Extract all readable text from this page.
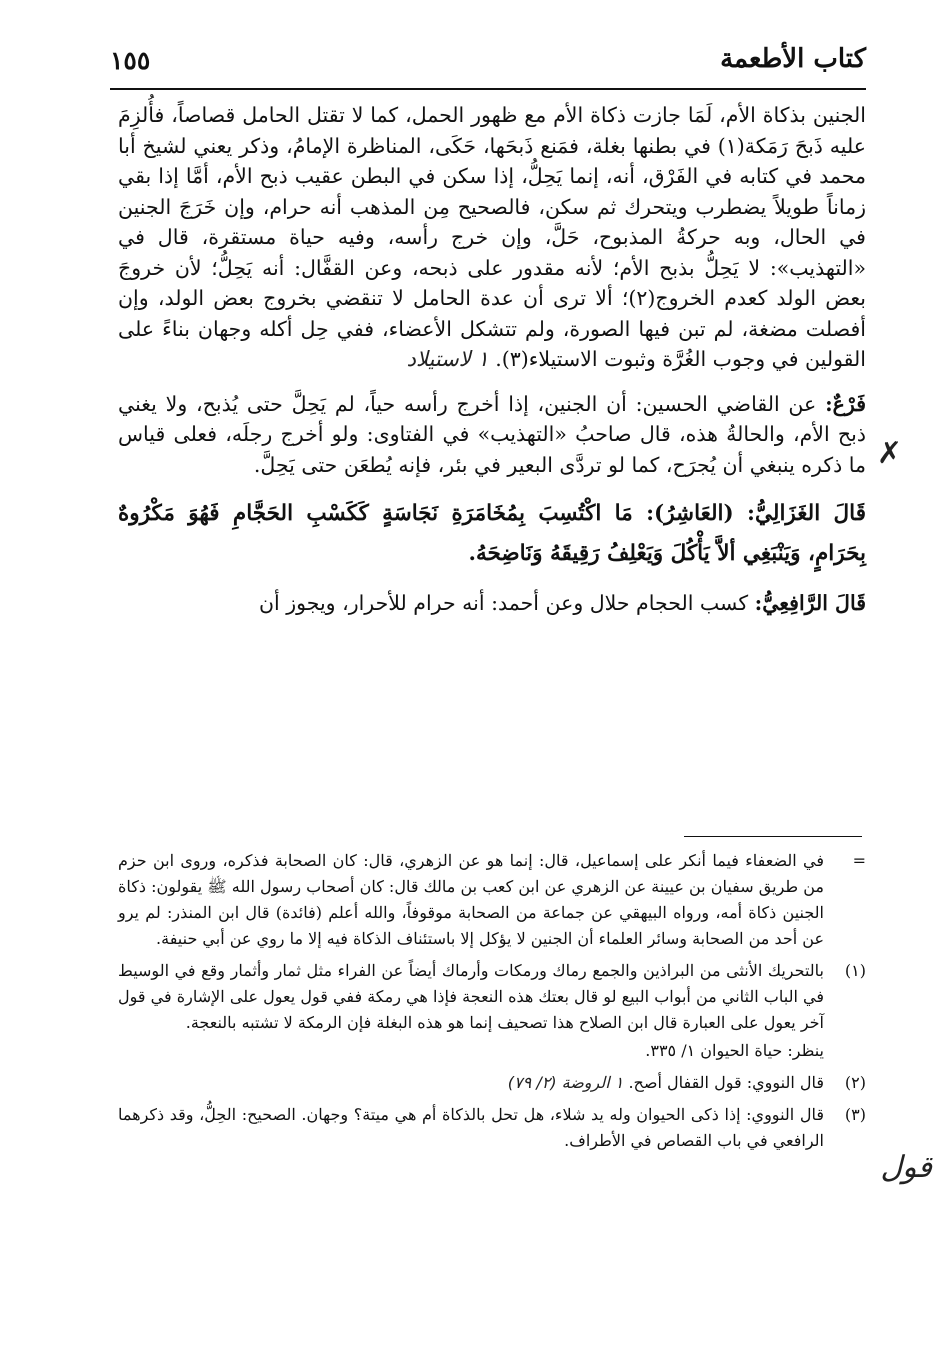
كتاب الأطعمة
١٥٥
✗

الجنين بذكاة الأم، لَمَا جازت ذكاة الأم مع ظهور الحمل، كما لا تقتل الحامل قصاصاً، فأُلزِمَ عليه ذَبحَ رَمَكة(١) في بطنها بغلة، فمَنع ذَبحَها، حَكَى، المناظرة الإمامُ، وذكر يعني لشيخ أبا محمد في كتابه في الفَرْق، أنه، إنما يَحِلُّ، إذا سكن في البطن عقيب ذبح الأم، أمَّا إذا بقي زماناً طويلاً يضطرب ويتحرك ثم سكن، فالصحيح مِن المذهب أنه حرام، وإن خَرَجَ الجنين في الحال، وبه حركةُ المذبوح، حَلَّ، وإن خرج رأسه، وفيه حياة مستقرة، قال في «التهذيب»: لا يَحِلُّ بذبح الأم؛ لأنه مقدور على ذبحه، وعن القفَّال: أنه يَحِلُّ؛ لأن خروجَ بعض الولد كعدم الخروج(٢)؛ ألا ترى أن عدة الحامل لا تنقضي بخروج بعض الولد، وإن أفصلت مضغة، لم تبن فيها الصورة، ولم تتشكل الأعضاء، ففي حِل أكله وجهان بناءً على القولين في وجوب الغُرَّة وثبوت الاستيلاء(٣). ١ لاستيلاد

فَرْعٌ: عن القاضي الحسين: أن الجنين، إذا أخرج رأسه حياً، لم يَحِلَّ حتى يُذبح، ولا يغني ذبح الأم، والحالةُ هذه، قال صاحبُ «التهذيب» في الفتاوى: ولو أخرج رجلَه، فعلى قياس ما ذكره ينبغي أن يُجرَح، كما لو تردَّى البعير في بئر، فإنه يُطعَن حتى يَحِلَّ.

قَالَ الغَزَالِيُّ: (العَاشِرُ): مَا اكْتُسِبَ بِمُخَامَرَةِ نَجَاسَةٍ كَكَسْبِ الحَجَّامِ فَهُوَ مَكْرُوهٌ بِحَرَامٍ، وَيَنْبَغِي ألاَّ يَأْكُلَ وَيَعْلِفُ رَقِيقَهُ وَنَاضِحَهُ.

قَالَ الرَّافِعِيُّ: كسب الحجام حلال وعن أحمد: أنه حرام للأحرار، ويجوز أن

=
في الضعفاء فيما أنكر على إسماعيل، قال: إنما هو عن الزهري، قال: كان الصحابة فذكره، وروى ابن حزم من طريق سفيان بن عيينة عن الزهري عن ابن كعب بن مالك قال: كان أصحاب رسول الله ﷺ يقولون: ذكاة الجنين ذكاة أمه، ورواه البيهقي عن جماعة من الصحابة موقوفاً، والله أعلم (فائدة) قال ابن المنذر: لم يرو عن أحد من الصحابة وسائر العلماء أن الجنين لا يؤكل إلا باستئناف الذكاة فيه إلا ما روي عن أبي حنيفة.
(١)
بالتحريك الأنثى من البراذين والجمع رماك ورمكات وأرماك أيضاً عن الفراء مثل ثمار وأثمار وقع في الوسيط في الباب الثاني من أبواب البيع لو قال بعتك هذه النعجة فإذا هي رمكة ففي قول يعول على الإشارة في قول آخر يعول على العبارة قال ابن الصلاح هذا تصحيف إنما هو هذه البغلة فإن الرمكة لا تشتبه بالنعجة.

ينظر: حياة الحيوان ١/ ٣٣٥.

(٢)
قال النووي: قول القفال أصح. ١ الروضة (٢/ ٧٩)
(٣)
قال النووي: إذا ذكى الحيوان وله يد شلاء، هل تحل بالذكاة أم هي ميتة؟ وجهان. الصحيح: الحِلُّ، وقد ذكرهما الرافعي في باب القصاص في الأطراف.
قول
